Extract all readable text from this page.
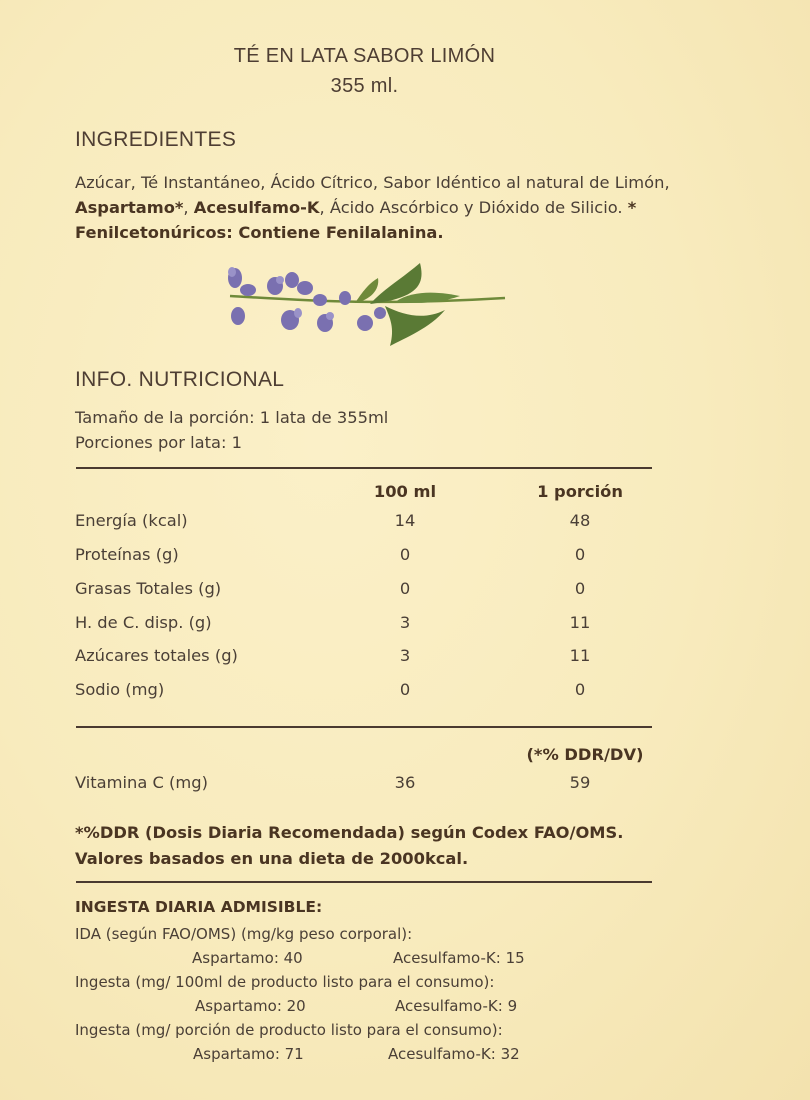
TÉ EN LATA SABOR LIMÓN
355 ml.
INGREDIENTES
Azúcar, Té Instantáneo, Ácido Cítrico, Sabor Idéntico al natural de Limón, Aspartamo*, Acesulfamo-K, Ácido Ascórbico y Dióxido de Silicio. * Fenilcetonúricos: Contiene Fenilalanina.
INFO. NUTRICIONAL
Tamaño de la porción: 1 lata de 355ml
Porciones por lata: 1
100 ml	1 porción
Energía (kcal)	14	48
Proteínas (g)	0	0
Grasas Totales (g)	0	0
H. de C. disp. (g)	3	11
Azúcares totales (g)	3	11
Sodio (mg)	0	0
(*% DDR/DV)
Vitamina C (mg)	36	59
*%DDR (Dosis Diaria Recomendada) según Codex FAO/OMS.
Valores basados en una dieta de 2000kcal.
INGESTA DIARIA ADMISIBLE:
IDA (según FAO/OMS) (mg/kg peso corporal):
Aspartamo: 40	Acesulfamo-K: 15
Ingesta (mg/ 100ml de producto listo para el consumo):
Aspartamo: 20	Acesulfamo-K: 9
Ingesta (mg/ porción de producto listo para el consumo):
Aspartamo: 71	Acesulfamo-K: 32
